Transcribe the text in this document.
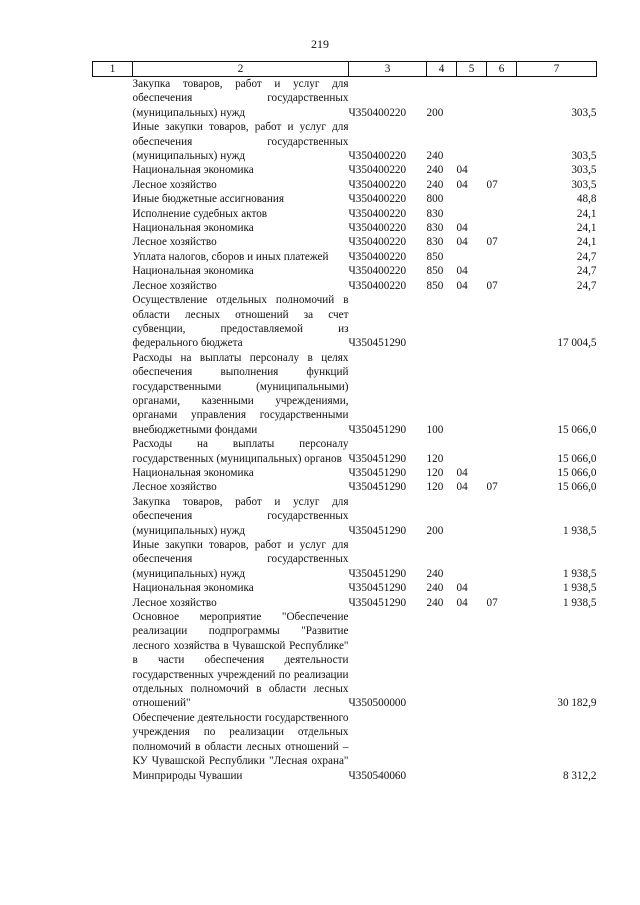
219
1	2	3	4	5	6	7
	Закупка товаров, работ и услуг для обеспечения государственных (муниципальных) нужд	Ч350400220	200			303,5
	Иные закупки товаров, работ и услуг для обеспечения государственных (муниципальных) нужд	Ч350400220	240			303,5
	Национальная экономика	Ч350400220	240	04		303,5
	Лесное хозяйство	Ч350400220	240	04	07	303,5
	Иные бюджетные ассигнования	Ч350400220	800			48,8
	Исполнение судебных актов	Ч350400220	830			24,1
	Национальная экономика	Ч350400220	830	04		24,1
	Лесное хозяйство	Ч350400220	830	04	07	24,1
	Уплата налогов, сборов и иных платежей	Ч350400220	850			24,7
	Национальная экономика	Ч350400220	850	04		24,7
	Лесное хозяйство	Ч350400220	850	04	07	24,7
	Осуществление отдельных полномочий в области лесных отношений за счет субвенции, предоставляемой из федерального бюджета	Ч350451290				17 004,5
	Расходы на выплаты персоналу в целях обеспечения выполнения функций государственными (муниципальными) органами, казенными учреждениями, органами управления государственными внебюджетными фондами	Ч350451290	100			15 066,0
	Расходы на выплаты персоналу государственных (муниципальных) органов	Ч350451290	120			15 066,0
	Национальная экономика	Ч350451290	120	04		15 066,0
	Лесное хозяйство	Ч350451290	120	04	07	15 066,0
	Закупка товаров, работ и услуг для обеспечения государственных (муниципальных) нужд	Ч350451290	200			1 938,5
	Иные закупки товаров, работ и услуг для обеспечения государственных (муниципальных) нужд	Ч350451290	240			1 938,5
	Национальная экономика	Ч350451290	240	04		1 938,5
	Лесное хозяйство	Ч350451290	240	04	07	1 938,5
	Основное мероприятие "Обеспечение реализации подпрограммы "Развитие лесного хозяйства в Чувашской Республике" в части обеспечения деятельности государственных учреждений по реализации отдельных полномочий в области лесных отношений"	Ч350500000				30 182,9
	Обеспечение деятельности государственного учреждения по реализации отдельных полномочий в области лесных отношений – КУ Чувашской Республики "Лесная охрана" Минприроды Чувашии	Ч350540060				8 312,2
